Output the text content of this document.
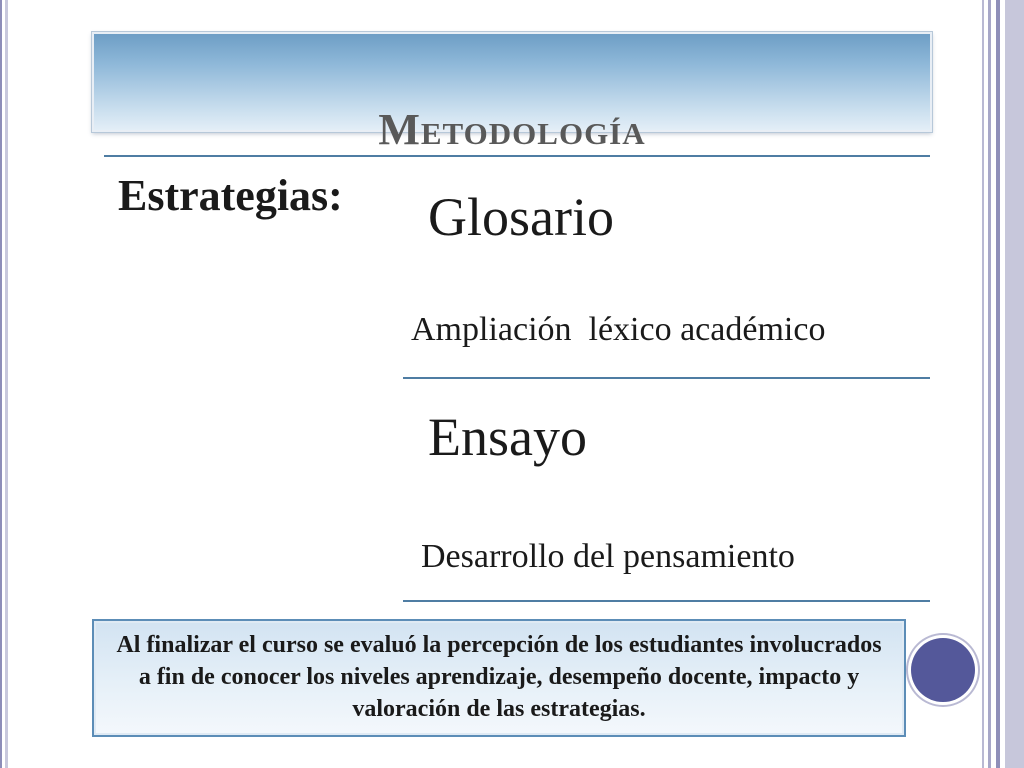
Metodología
Estrategias: Glosario
Ampliación  léxico académico
Ensayo
Desarrollo del pensamiento
Al finalizar el curso se evaluó la percepción de los estudiantes involucrados a fin de conocer los niveles aprendizaje, desempeño docente, impacto y valoración de las estrategias.
